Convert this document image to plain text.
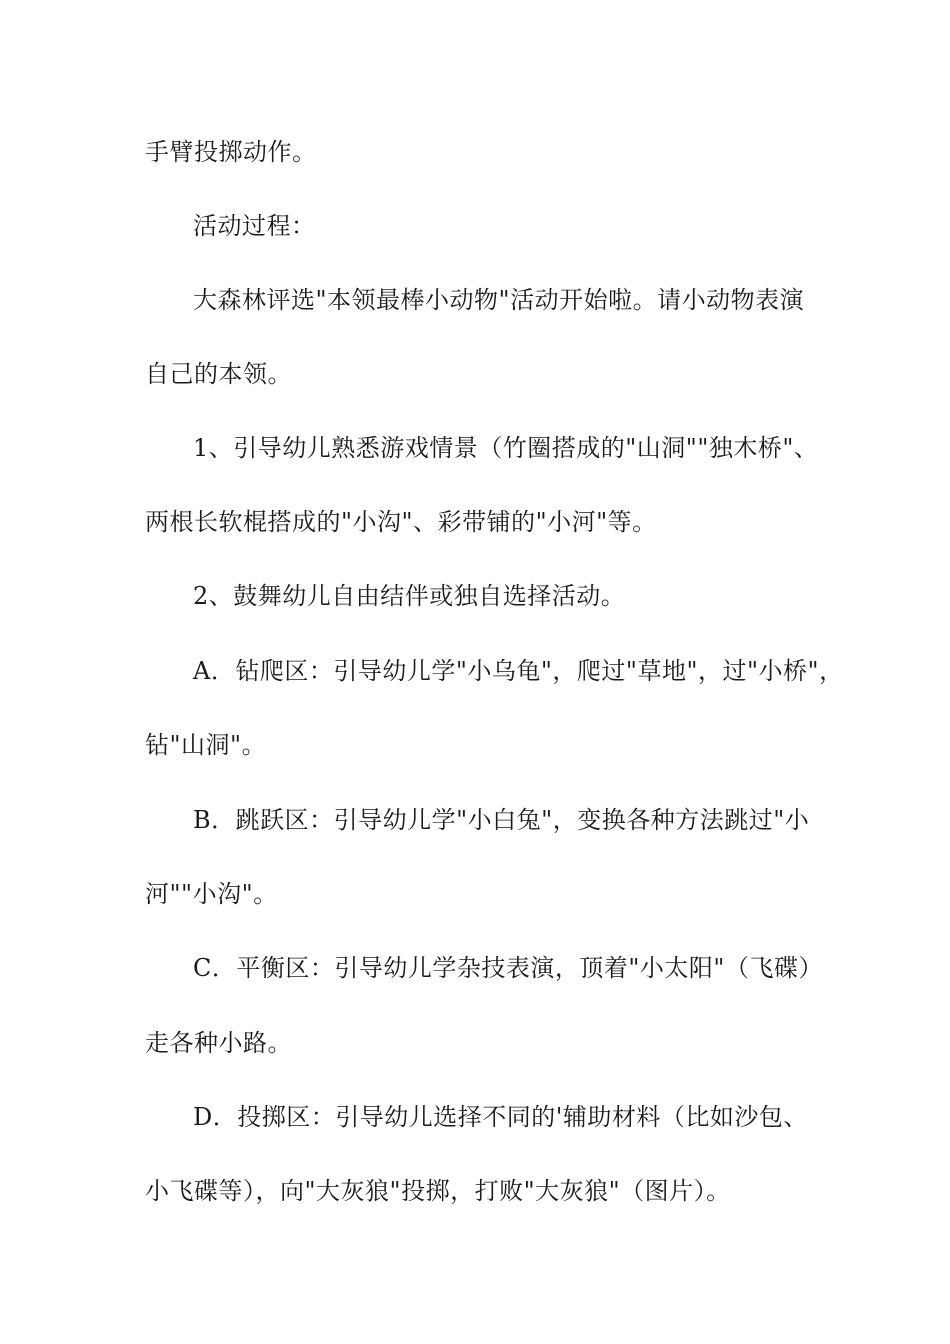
手臂投掷动作。
活动过程：
大森林评选"本领最棒小动物"活动开始啦。请小动物表演
自己的本领。
1、引导幼儿熟悉游戏情景（竹圈搭成的"山洞""独木桥"、
两根长软棍搭成的"小沟"、彩带铺的"小河"等。
2、鼓舞幼儿自由结伴或独自选择活动。
A．钻爬区：引导幼儿学"小乌龟"，爬过"草地"，过"小桥"，
钻"山洞"。
B．跳跃区：引导幼儿学"小白兔"，变换各种方法跳过"小
河""小沟"。
C．平衡区：引导幼儿学杂技表演，顶着"小太阳"（飞碟）
走各种小路。
D．投掷区：引导幼儿选择不同的'辅助材料（比如沙包、
小飞碟等），向"大灰狼"投掷，打败"大灰狼"（图片）。
